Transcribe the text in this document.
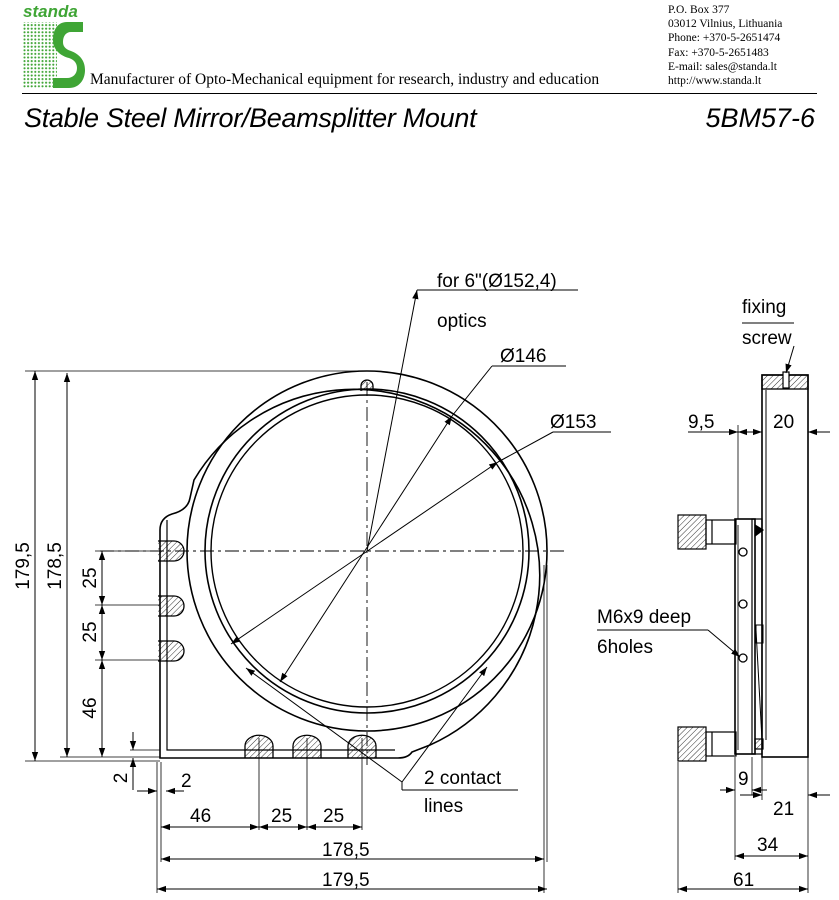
standa
Manufacturer of Opto-Mechanical equipment for research, industry and education
P.O. Box 377
03012 Vilnius, Lithuania
Phone: +370-5-2651474
Fax: +370-5-2651483
E-mail: sales@standa.lt
http://www.standa.lt
Stable Steel Mirror/Beamsplitter Mount	5BM57-6
for 6"(Ø152,4)
optics
Ø146
Ø153
2 contact
lines
179,5 178,5 25
25
46
2	2
46	25 25
178,5
179,5
fixing
screw
M6x9 deep
6holes
9,5	20
9
21
34
61
